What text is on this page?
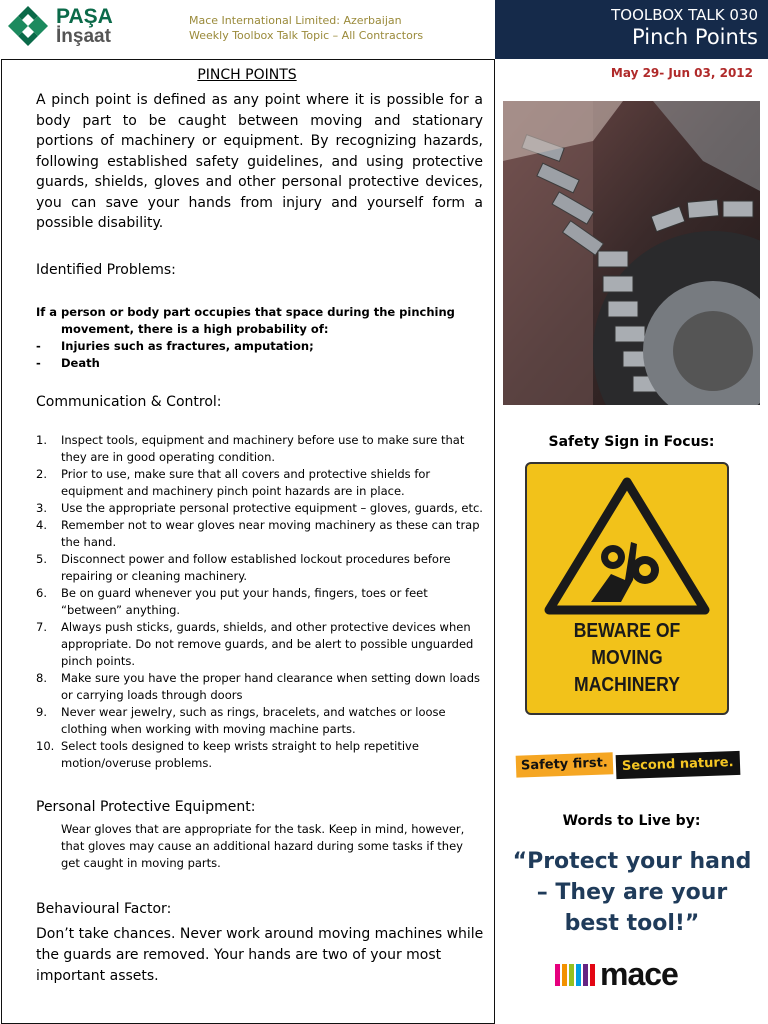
PAŞA
İnşaat
Mace International Limited: Azerbaijan
Weekly Toolbox Talk Topic – All Contractors
TOOLBOX TALK 030
Pinch Points
May 29- Jun 03, 2012
PINCH POINTS
A pinch point is defined as any point where it is possible for a body part to be caught between moving and stationary portions of machinery or equipment. By recognizing hazards, following established safety guidelines, and using protective guards, shields, gloves and other personal protective devices, you can save your hands from injury and yourself form a possible disability.
Identified Problems:
If a person or body part occupies that space during the pinching movement, there is a high probability of:
- Injuries such as fractures, amputation;
- Death
Communication & Control:
1. Inspect tools, equipment and machinery before use to make sure that they are in good operating condition.
2. Prior to use, make sure that all covers and protective shields for equipment and machinery pinch point hazards are in place.
3. Use the appropriate personal protective equipment – gloves, guards, etc.
4. Remember not to wear gloves near moving machinery as these can trap the hand.
5. Disconnect power and follow established lockout procedures before repairing or cleaning machinery.
6. Be on guard whenever you put your hands, fingers, toes or feet “between” anything.
7. Always push sticks, guards, shields, and other protective devices when appropriate. Do not remove guards, and be alert to possible unguarded pinch points.
8. Make sure you have the proper hand clearance when setting down loads or carrying loads through doors
9. Never wear jewelry, such as rings, bracelets, and watches or loose clothing when working with moving machine parts.
10. Select tools designed to keep wrists straight to help repetitive motion/overuse problems.
Personal Protective Equipment:
Wear gloves that are appropriate for the task. Keep in mind, however, that gloves may cause an additional hazard during some tasks if they get caught in moving parts.
Behavioural Factor:
Don’t take chances. Never work around moving machines while the guards are removed. Your hands are two of your most important assets.
Safety Sign in Focus:
BEWARE OF
MOVING
MACHINERY
Safety first.	Second nature.
Words to Live by:
“Protect your hand – They are your best tool!”
mace
